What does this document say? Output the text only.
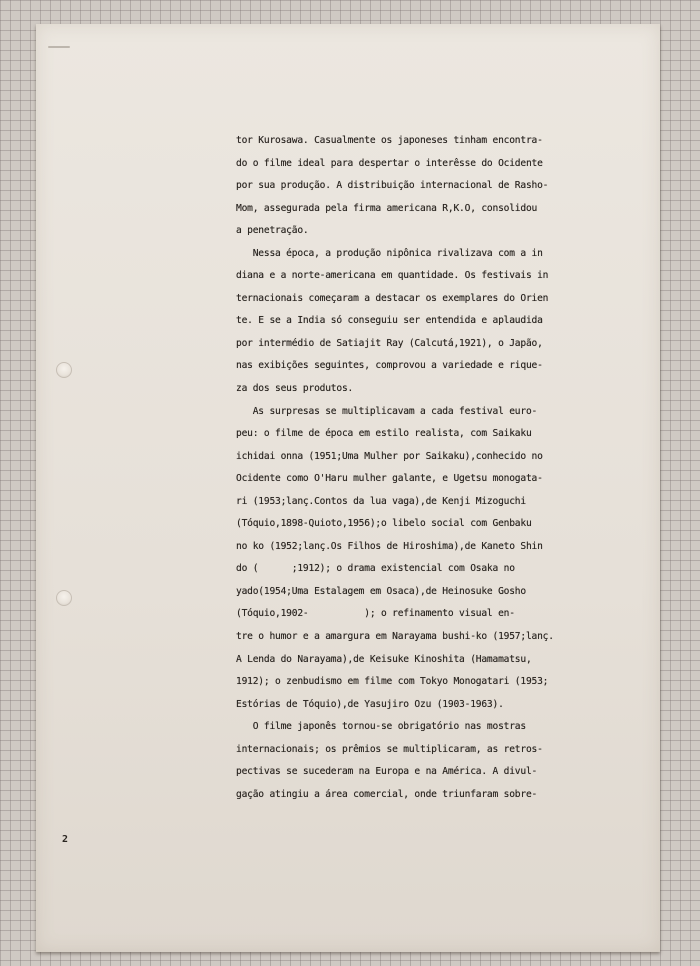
tor Kurosawa. Casualmente os japoneses tinham encontra-

do o filme ideal para despertar o interêsse do Ocidente

por sua produção. A distribuição internacional de Rasho-

Mom, assegurada pela firma americana R,K.O, consolidou

a penetração.

Nessa época, a produção nipônica rivalizava com a in

diana e a norte-americana em quantidade. Os festivais in

ternacionais começaram a destacar os exemplares do Orien

te. E se a India só conseguiu ser entendida e aplaudida

por intermédio de Satiajit Ray (Calcutá,1921), o Japão,

nas exibições seguintes, comprovou a variedade e rique-

za dos seus produtos.

As surpresas se multiplicavam a cada festival euro-

peu: o filme de época em estilo realista, com Saikaku

ichidai onna (1951;Uma Mulher por Saikaku),conhecido no

Ocidente como O'Haru mulher galante, e Ugetsu monogata-

ri (1953;lanç.Contos da lua vaga),de Kenji Mizoguchi

(Tóquio,1898-Quioto,1956);o libelo social com Genbaku

no ko (1952;lanç.Os Filhos de Hiroshima),de Kaneto Shin

do (      ;1912); o drama existencial com Osaka no

yado(1954;Uma Estalagem em Osaca),de Heinosuke Gosho

(Tóquio,1902-          ); o refinamento visual en-

tre o humor e a amargura em Narayama bushi-ko (1957;lanç.

A Lenda do Narayama),de Keisuke Kinoshita (Hamamatsu,

1912); o zenbudismo em filme com Tokyo Monogatari (1953;

Estórias de Tóquio),de Yasujiro Ozu (1903-1963).

O filme japonês tornou-se obrigatório nas mostras

internacionais; os prêmios se multiplicaram, as retros-

pectivas se sucederam na Europa e na América. A divul-

gação atingiu a área comercial, onde triunfaram sobre-

2
